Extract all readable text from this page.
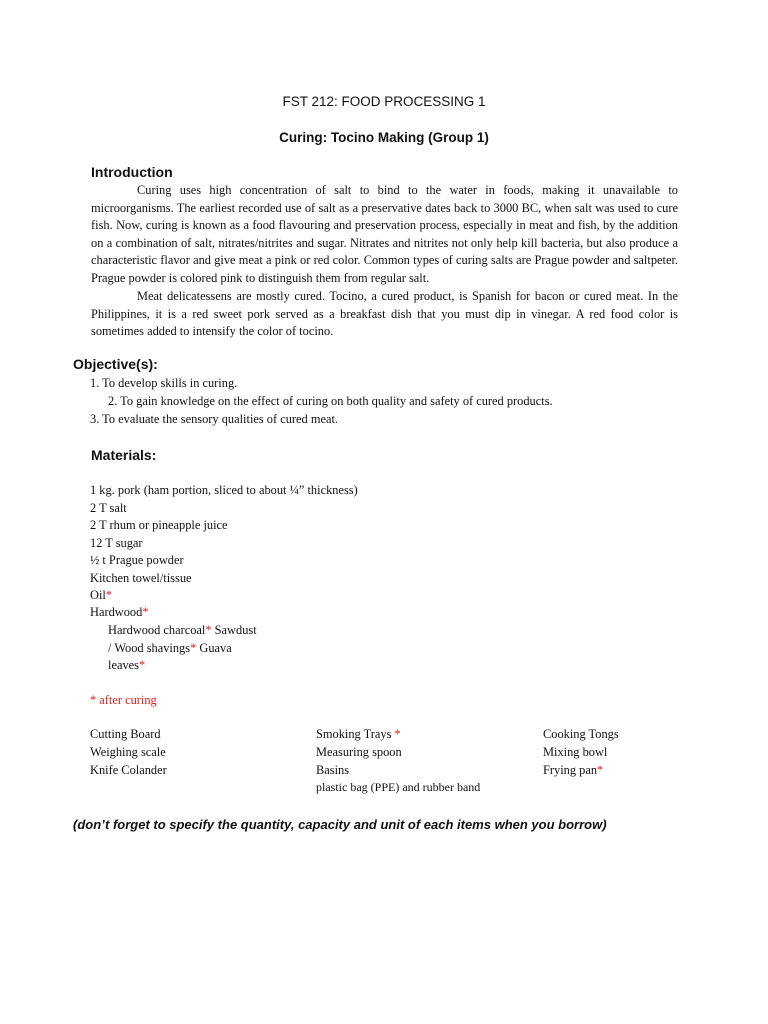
FST 212: FOOD PROCESSING 1
Curing: Tocino Making (Group 1)
Introduction

Curing uses high concentration of salt to bind to the water in foods, making it unavailable to microorganisms. The earliest recorded use of salt as a preservative dates back to 3000 BC, when salt was used to cure fish. Now, curing is known as a food flavouring and preservation process, especially in meat and fish, by the addition on a combination of salt, nitrates/nitrites and sugar. Nitrates and nitrites not only help kill bacteria, but also produce a characteristic flavor and give meat a pink or red color. Common types of curing salts are Prague powder and saltpeter. Prague powder is colored pink to distinguish them from regular salt.

Meat delicatessens are mostly cured. Tocino, a cured product, is Spanish for bacon or cured meat. In the Philippines, it is a red sweet pork served as a breakfast dish that you must dip in vinegar. A red food color is sometimes added to intensify the color of tocino.

Objective(s):
1. To develop skills in curing.
2. To gain knowledge on the effect of curing on both quality and safety of cured products.
3. To evaluate the sensory qualities of cured meat.
Materials:
1 kg. pork (ham portion, sliced to about ¼” thickness)
2 T salt
2 T rhum or pineapple juice
12 T sugar
½ t Prague powder
Kitchen towel/tissue
Oil*
Hardwood*
Hardwood charcoal* Sawdust
/ Wood shavings* Guava
leaves*
* after curing
Cutting Board
Weighing scale
Knife Colander
Smoking Trays *
Measuring spoon
Basins
plastic bag (PPE) and rubber band
Cooking Tongs
Mixing bowl
Frying pan*
(don’t forget to specify the quantity, capacity and unit of each items when you borrow)
